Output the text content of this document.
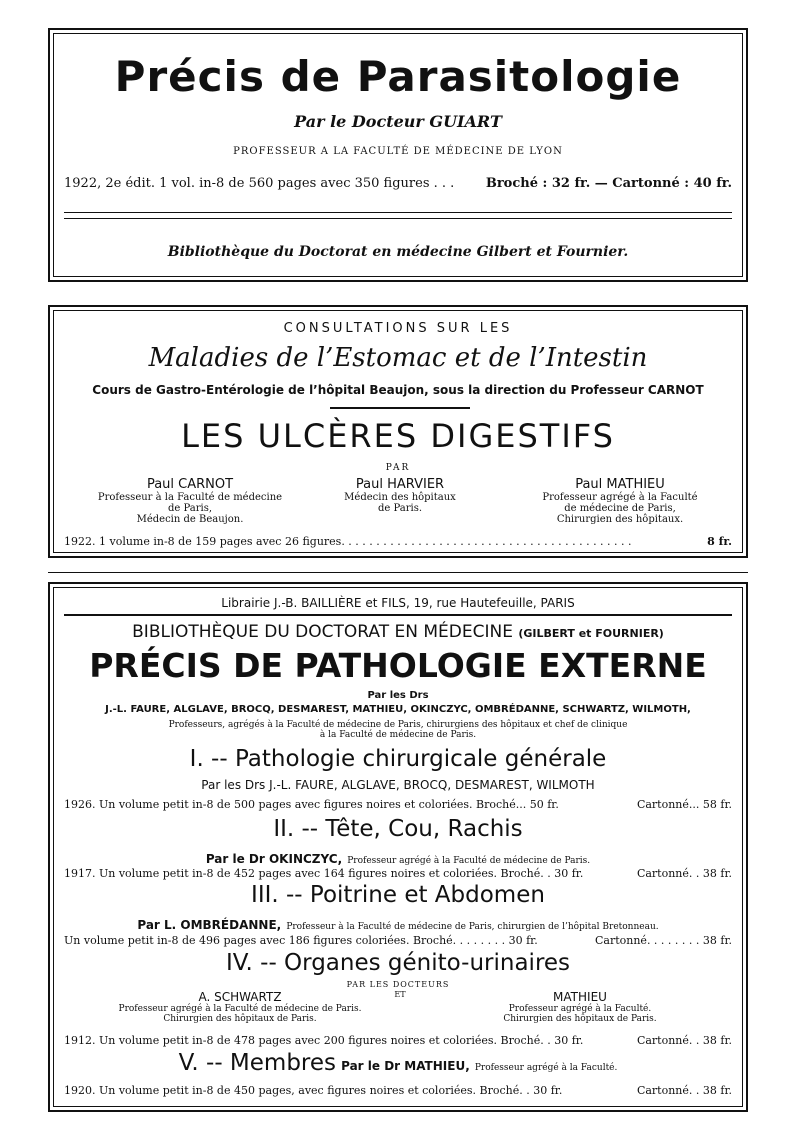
Précis de Parasitologie
Par le Docteur GUIART
PROFESSEUR A LA FACULTÉ DE MÉDECINE DE LYON
1922, 2e édit. 1 vol. in-8 de 560 pages avec 350 figures . . . Broché : 32 fr. — Cartonné : 40 fr.
Bibliothèque du Doctorat en médecine Gilbert et Fournier.
CONSULTATIONS SUR LES
Maladies de l’Estomac et de l’Intestin
Cours de Gastro-Entérologie de l’hôpital Beaujon, sous la direction du Professeur CARNOT
LES ULCÈRES DIGESTIFS
PAR
Paul CARNOT
Professeur à la Faculté de médecine
de Paris,
Médecin de Beaujon.
Paul HARVIER
Médecin des hôpitaux
de Paris.
Paul MATHIEU
Professeur agrégé à la Faculté
de médecine de Paris,
Chirurgien des hôpitaux.
1922. 1 volume in-8 de 159 pages avec 26 figures. . . . . . . . . . . . . . . . . . . . . . . . . . . . . . . . . . . . . . . . . .	8 fr.
Librairie J.-B. BAILLIÈRE et FILS, 19, rue Hautefeuille, PARIS
BIBLIOTHÈQUE DU DOCTORAT EN MÉDECINE (GILBERT et FOURNIER)
PRÉCIS DE PATHOLOGIE EXTERNE
Par les Drs
J.-L. FAURE, ALGLAVE, BROCQ, DESMAREST, MATHIEU, OKINCZYC, OMBRÉDANNE, SCHWARTZ, WILMOTH,
Professeurs, agrégés à la Faculté de médecine de Paris, chirurgiens des hôpitaux et chef de clinique
à la Faculté de médecine de Paris.
I. -- Pathologie chirurgicale générale
Par les Drs J.-L. FAURE, ALGLAVE, BROCQ, DESMAREST, WILMOTH
1926. Un volume petit in-8 de 500 pages avec figures noires et coloriées. Broché... 50 fr.	Cartonné... 58 fr.
II. -- Tête, Cou, Rachis
Par le Dr OKINCZYC, Professeur agrégé à la Faculté de médecine de Paris.
1917. Un volume petit in-8 de 452 pages avec 164 figures noires et coloriées. Broché. . 30 fr.	Cartonné. . 38 fr.
III. -- Poitrine et Abdomen
Par L. OMBRÉDANNE, Professeur à la Faculté de médecine de Paris, chirurgien de l’hôpital Bretonneau.
Un volume petit in-8 de 496 pages avec 186 figures coloriées. Broché. . . . . . . . 30 fr.	Cartonné. . . . . . . . 38 fr.
IV. -- Organes génito-urinaires
PAR LES DOCTEURS
A. SCHWARTZ
Professeur agrégé à la Faculté de médecine de Paris.
Chirurgien des hôpitaux de Paris.
ET	MATHIEU
Professeur agrégé à la Faculté.
Chirurgien des hôpitaux de Paris.
1912. Un volume petit in-8 de 478 pages avec 200 figures noires et coloriées. Broché. . 30 fr.	Cartonné. . 38 fr.
V. -- Membres Par le Dr MATHIEU, Professeur agrégé à la Faculté.
1920. Un volume petit in-8 de 450 pages, avec figures noires et coloriées. Broché. . 30 fr.	Cartonné. . 38 fr.
